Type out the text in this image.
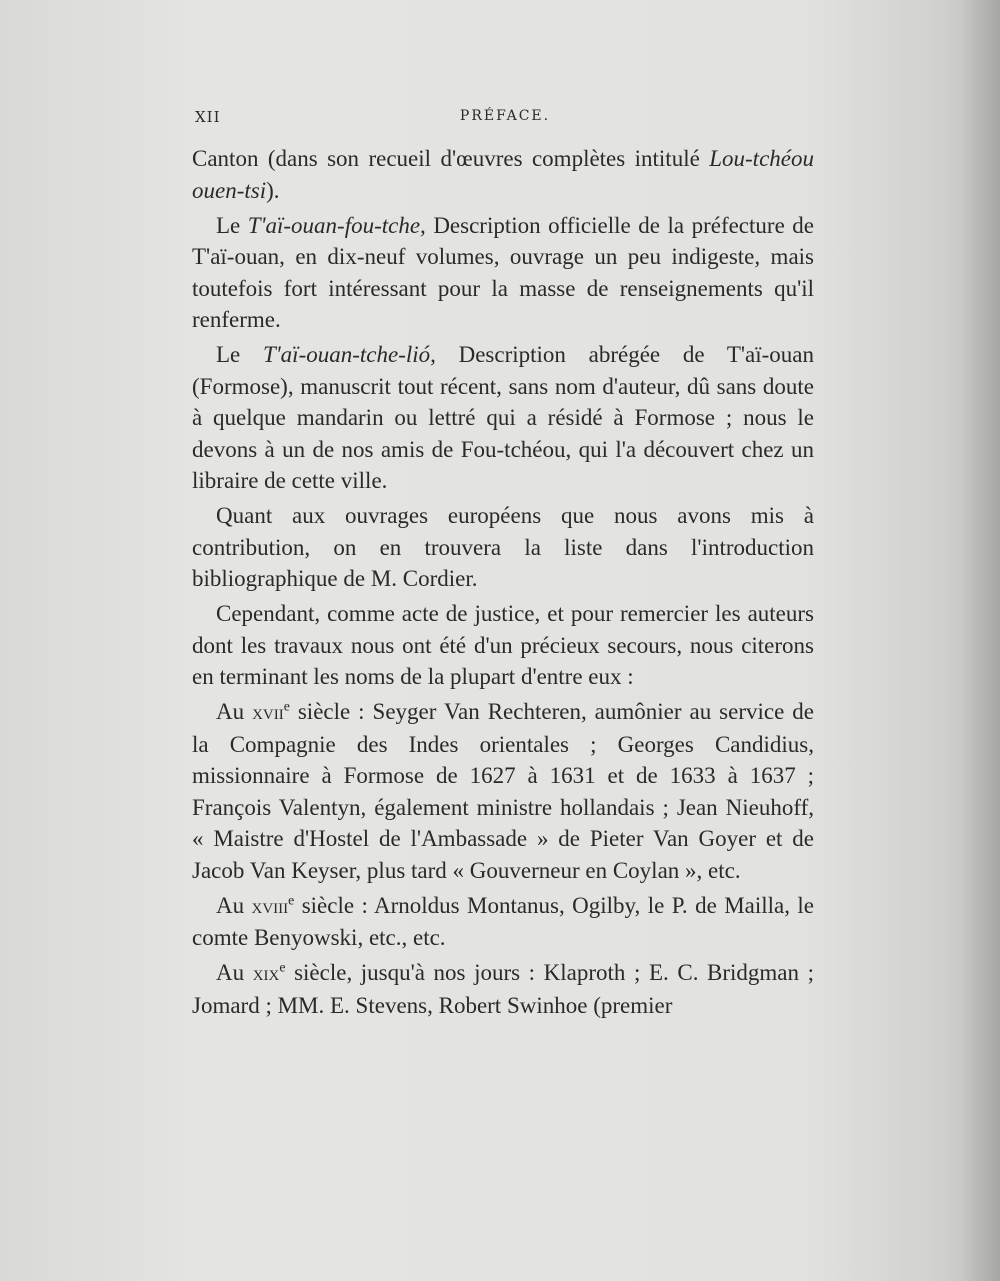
XII	PRÉFACE.

Canton (dans son recueil d'œuvres complètes intitulé Lou-tchéou ouen-tsi).

Le T'aï-ouan-fou-tche, Description officielle de la préfecture de T'aï-ouan, en dix-neuf volumes, ouvrage un peu indigeste, mais toutefois fort intéressant pour la masse de renseignements qu'il renferme.

Le T'aï-ouan-tche-lió, Description abrégée de T'aï-ouan (Formose), manuscrit tout récent, sans nom d'auteur, dû sans doute à quelque mandarin ou lettré qui a résidé à Formose ; nous le devons à un de nos amis de Fou-tchéou, qui l'a découvert chez un libraire de cette ville.

Quant aux ouvrages européens que nous avons mis à contribution, on en trouvera la liste dans l'introduction bibliographique de M. Cordier.

Cependant, comme acte de justice, et pour remercier les auteurs dont les travaux nous ont été d'un précieux secours, nous citerons en terminant les noms de la plupart d'entre eux :

Au xvii$^e$ siècle : Seyger Van Rechteren, aumônier au service de la Compagnie des Indes orientales ; Georges Candidius, missionnaire à Formose de 1627 à 1631 et de 1633 à 1637 ; François Valentyn, également ministre hollandais ; Jean Nieuhoff, « Maistre d'Hostel de l'Ambassade » de Pieter Van Goyer et de Jacob Van Keyser, plus tard « Gouverneur en Coylan », etc.

Au xviii$^e$ siècle : Arnoldus Montanus, Ogilby, le P. de Mailla, le comte Benyowski, etc., etc.

Au xix$^e$ siècle, jusqu'à nos jours : Klaproth ; E. C. Bridgman ; Jomard ; MM. E. Stevens, Robert Swinhoe (premier
